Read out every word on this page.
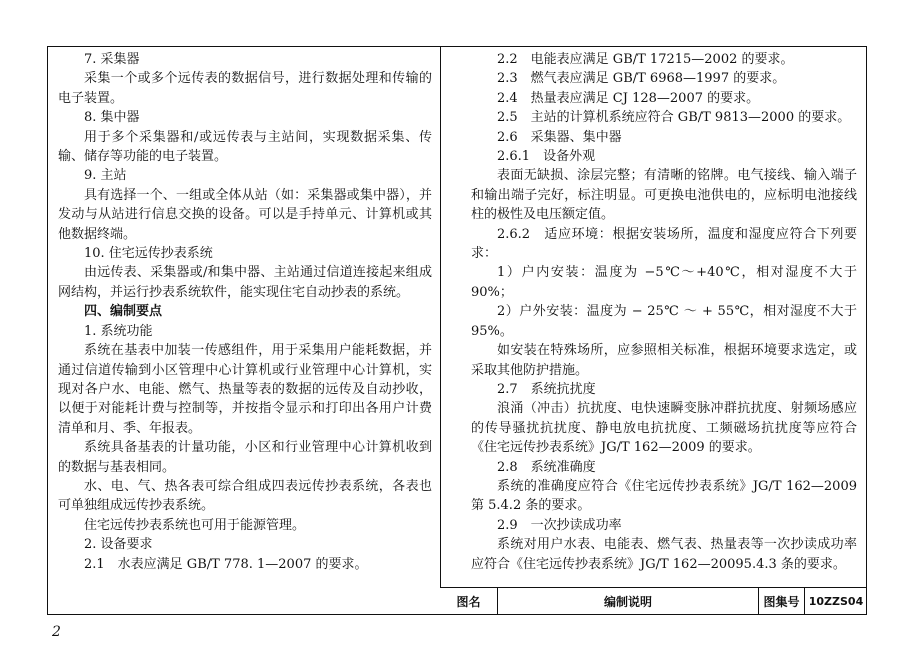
7. 采集器

采集一个或多个远传表的数据信号，进行数据处理和传输的电子装置。

8. 集中器

用于多个采集器和/或远传表与主站间，实现数据采集、传输、储存等功能的电子装置。

9. 主站

具有选择一个、一组或全体从站（如：采集器或集中器），并发动与从站进行信息交换的设备。可以是手持单元、计算机或其他数据终端。

10. 住宅远传抄表系统

由远传表、采集器或/和集中器、主站通过信道连接起来组成网结构，并运行抄表系统软件，能实现住宅自动抄表的系统。

四、编制要点

1. 系统功能

系统在基表中加装一传感组件，用于采集用户能耗数据，并通过信道传输到小区管理中心计算机或行业管理中心计算机，实现对各户水、电能、燃气、热量等表的数据的远传及自动抄收，以便于对能耗计费与控制等，并按指令显示和打印出各用户计费清单和月、季、年报表。

系统具备基表的计量功能，小区和行业管理中心计算机收到的数据与基表相同。

水、电、气、热各表可综合组成四表远传抄表系统，各表也可单独组成远传抄表系统。

住宅远传抄表系统也可用于能源管理。

2. 设备要求

2.1　水表应满足 GB/T 778. 1—2007 的要求。

2.2　电能表应满足 GB/T 17215—2002 的要求。

2.3　燃气表应满足 GB/T 6968—1997 的要求。

2.4　热量表应满足 CJ 128—2007 的要求。

2.5　主站的计算机系统应符合 GB/T 9813—2000 的要求。

2.6　采集器、集中器

2.6.1　设备外观

表面无缺损、涂层完整；有清晰的铭牌。电气接线、输入端子和输出端子完好，标注明显。可更换电池供电的，应标明电池接线柱的极性及电压额定值。

2.6.2　适应环境：根据安装场所，温度和湿度应符合下列要求：

1）户内安装：温度为 −5℃～+40℃，相对湿度不大于 90%；

2）户外安装：温度为 − 25℃ ～ + 55℃，相对湿度不大于 95%。

如安装在特殊场所，应参照相关标准，根据环境要求选定，或采取其他防护措施。

2.7　系统抗扰度

浪涌（冲击）抗扰度、电快速瞬变脉冲群抗扰度、射频场感应的传导骚扰抗扰度、静电放电抗扰度、工频磁场抗扰度等应符合《住宅远传抄表系统》JG/T 162—2009 的要求。

2.8　系统准确度

系统的准确度应符合《住宅远传抄表系统》JG/T 162—2009 第 5.4.2 条的要求。

2.9　一次抄读成功率

系统对用户水表、电能表、燃气表、热量表等一次抄读成功率应符合《住宅远传抄表系统》JG/T 162—20095.4.3 条的要求。

图名	编制说明	图集号 10ZZS04
2
